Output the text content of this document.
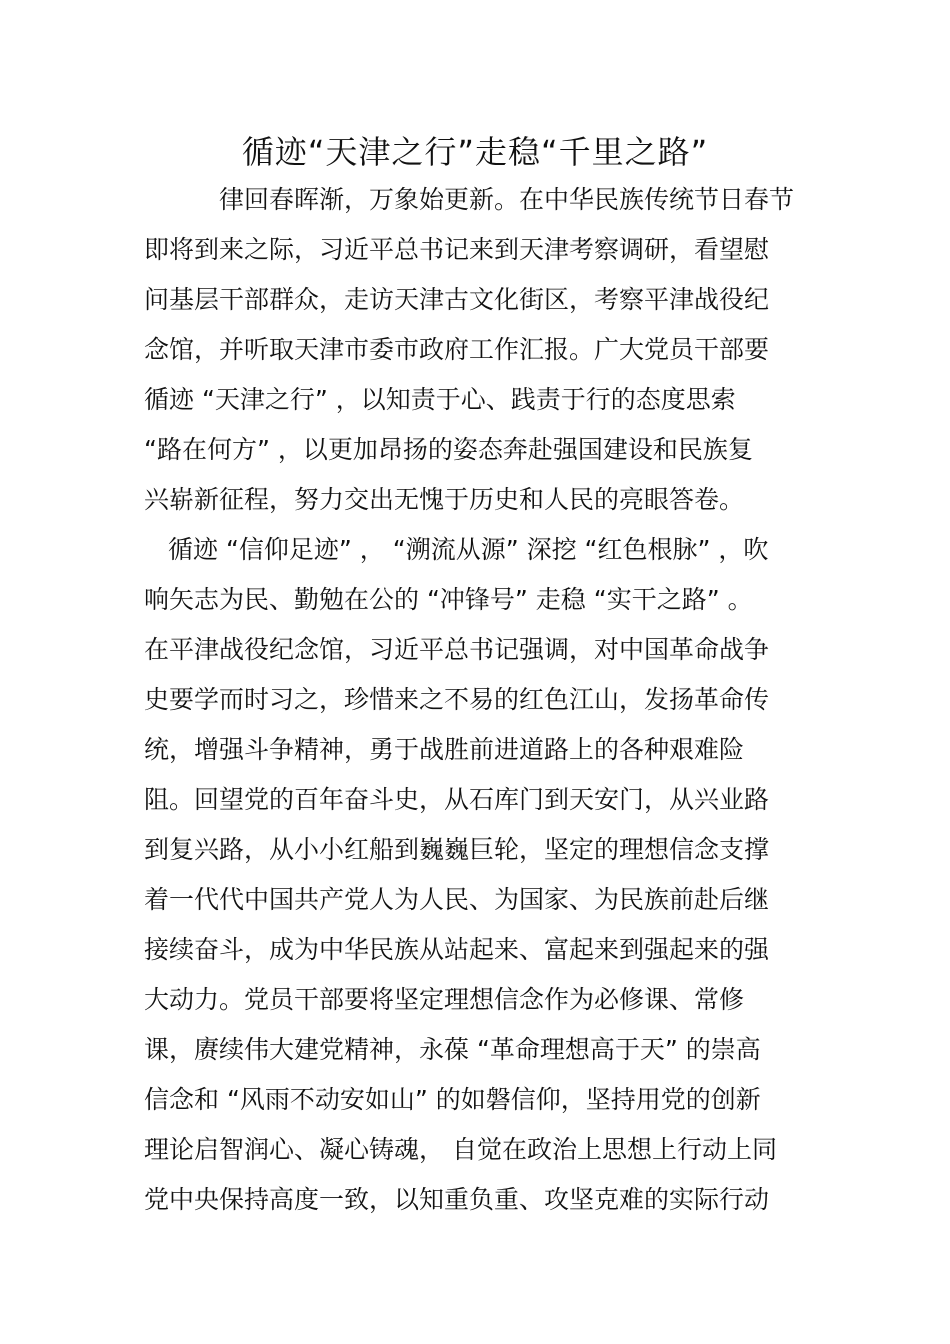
循迹“天津之行”走稳“千里之路”
律回春晖渐，万象始更新。在中华民族传统节日春节
即将到来之际，习近平总书记来到天津考察调研，看望慰
问基层干部群众，走访天津古文化街区，考察平津战役纪
念馆，并听取天津市委市政府工作汇报。广大党员干部要
循迹 “天津之行” ，以知责于心、践责于行的态度思索
“路在何方” ，以更加昂扬的姿态奔赴强国建设和民族复
兴崭新征程，努力交出无愧于历史和人民的亮眼答卷。
循迹 “信仰足迹” ， “溯流从源” 深挖 “红色根脉” ，吹
响矢志为民、勤勉在公的 “冲锋号” 走稳 “实干之路” 。
在平津战役纪念馆，习近平总书记强调，对中国革命战争
史要学而时习之，珍惜来之不易的红色江山，发扬革命传
统，增强斗争精神，勇于战胜前进道路上的各种艰难险
阻。回望党的百年奋斗史，从石库门到天安门，从兴业路
到复兴路，从小小红船到巍巍巨轮，坚定的理想信念支撑
着一代代中国共产党人为人民、为国家、为民族前赴后继
接续奋斗，成为中华民族从站起来、富起来到强起来的强
大动力。党员干部要将坚定理想信念作为必修课、常修
课，赓续伟大建党精神，永葆 “革命理想高于天” 的崇高
信念和 “风雨不动安如山” 的如磐信仰，坚持用党的创新
理论启智润心、凝心铸魂， 自觉在政治上思想上行动上同
党中央保持高度一致，以知重负重、攻坚克难的实际行动
